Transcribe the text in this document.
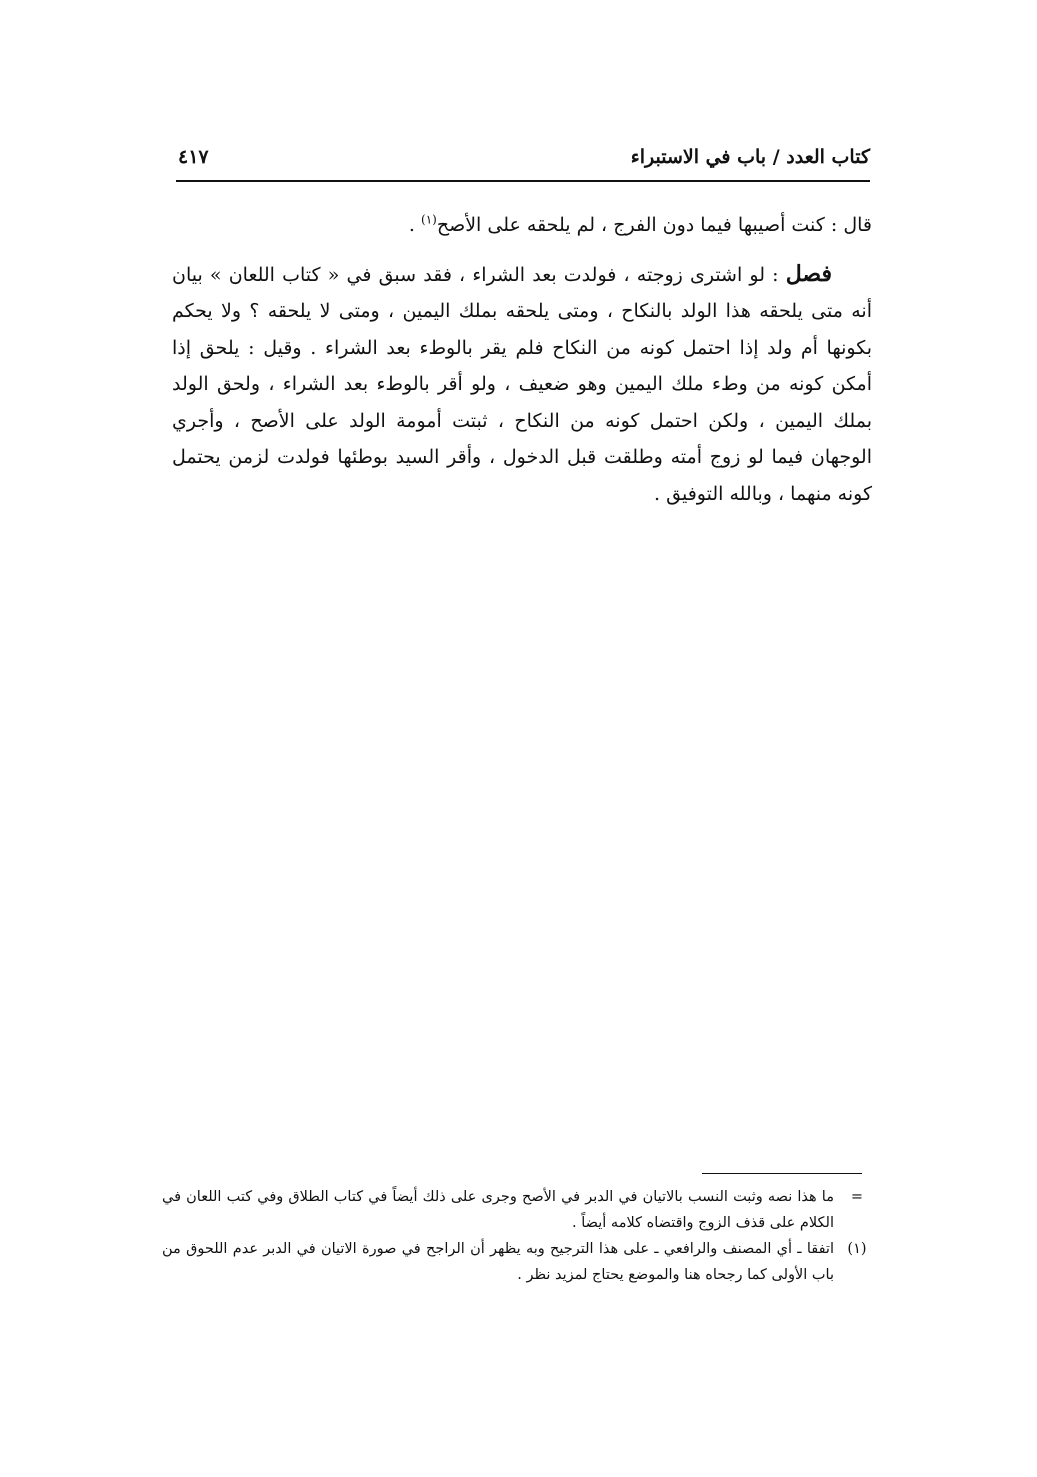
كتاب العدد / باب في الاستبراء
٤١٧

قال : كنت أصيبها فيما دون الفرج ، لم يلحقه على الأصح$^{(١)}$ .

فصل : لو اشترى زوجته ، فولدت بعد الشراء ، فقد سبق في « كتاب اللعان » بيان أنه متى يلحقه هذا الولد بالنكاح ، ومتى يلحقه بملك اليمين ، ومتى لا يلحقه ؟ ولا يحكم بكونها أم ولد إذا احتمل كونه من النكاح فلم يقر بالوطء بعد الشراء . وقيل : يلحق إذا أمكن كونه من وطء ملك اليمين وهو ضعيف ، ولو أقر بالوطء بعد الشراء ، ولحق الولد بملك اليمين ، ولكن احتمل كونه من النكاح ، ثبتت أمومة الولد على الأصح ، وأجري الوجهان فيما لو زوج أمته وطلقت قبل الدخول ، وأقر السيد بوطئها فولدت لزمن يحتمل كونه منهما ، وبالله التوفيق .

=
ما هذا نصه وثبت النسب بالاتيان في الدبر في الأصح وجرى على ذلك أيضاً في كتاب الطلاق وفي كتب اللعان في الكلام على قذف الزوج واقتضاه كلامه أيضاً .

(١)
اتفقا ـ أي المصنف والرافعي ـ على هذا الترجيح وبه يظهر أن الراجح في صورة الاتيان في الدبر عدم اللحوق من باب الأولى كما رجحاه هنا والموضع يحتاج لمزيد نظر .
